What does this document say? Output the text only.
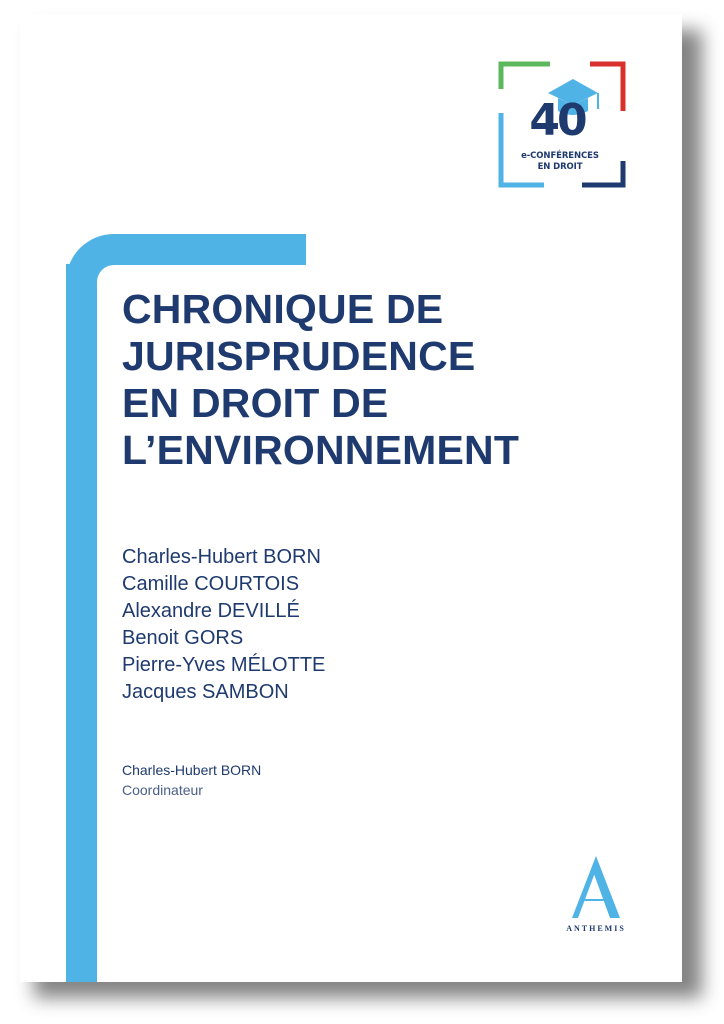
40
e-CONFÉRENCES
EN DROIT
CHRONIQUE DE
JURISPRUDENCE
EN DROIT DE
L’ENVIRONNEMENT
Charles-Hubert BORN
Camille COURTOIS
Alexandre DEVILLÉ
Benoit GORS
Pierre-Yves MÉLOTTE
Jacques SAMBON
Charles-Hubert BORN
Coordinateur
ANTHEMIS
